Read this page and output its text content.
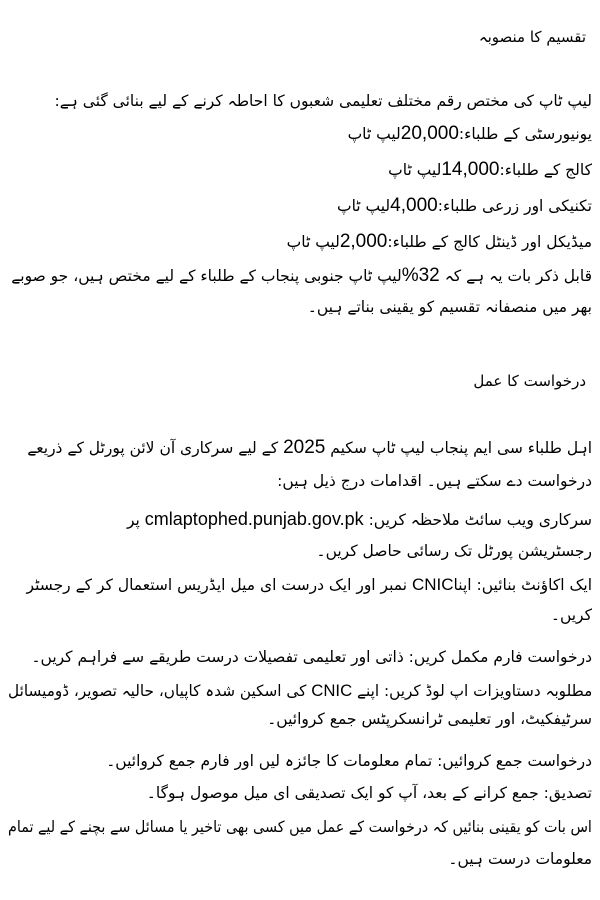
تقسیم کا منصوبہ
لیپ ٹاپ کی مختص رقم مختلف تعلیمی شعبوں کا احاطہ کرنے کے لیے بنائی گئی ہے:
یونیورسٹی کے طلباء:20,000لیپ ٹاپ
کالج کے طلباء:14,000لیپ ٹاپ
تکنیکی اور زرعی طلباء:4,000لیپ ٹاپ
میڈیکل اور ڈینٹل کالج کے طلباء:2,000لیپ ٹاپ
قابل ذکر بات یہ ہے کہ 32%لیپ ٹاپ جنوبی پنجاب کے طلباء کے لیے مختص ہیں، جو صوبے
بھر میں منصفانہ تقسیم کو یقینی بناتے ہیں۔
درخواست کا عمل
اہل طلباء سی ایم پنجاب لیپ ٹاپ سکیم 2025 کے لیے سرکاری آن لائن پورٹل کے ذریعے
درخواست دے سکتے ہیں۔ اقدامات درج ذیل ہیں:
سرکاری ویب سائٹ ملاحظہ کریں: cmlaptophed.punjab.gov.pk پر
رجسٹریشن پورٹل تک رسائی حاصل کریں۔
ایک اکاؤنٹ بنائیں: اپناCNIC نمبر اور ایک درست ای میل ایڈریس استعمال کر کے رجسٹر
کریں۔
درخواست فارم مکمل کریں: ذاتی اور تعلیمی تفصیلات درست طریقے سے فراہم کریں۔
مطلوبہ دستاویزات اپ لوڈ کریں: اپنے CNIC کی اسکین شدہ کاپیاں، حالیہ تصویر، ڈومیسائل
سرٹیفکیٹ، اور تعلیمی ٹرانسکرپٹس جمع کروائیں۔
درخواست جمع کروائیں: تمام معلومات کا جائزہ لیں اور فارم جمع کروائیں۔
تصدیق: جمع کرانے کے بعد، آپ کو ایک تصدیقی ای میل موصول ہوگا۔
اس بات کو یقینی بنائیں کہ درخواست کے عمل میں کسی بھی تاخیر یا مسائل سے بچنے کے لیے تمام
معلومات درست ہیں۔
